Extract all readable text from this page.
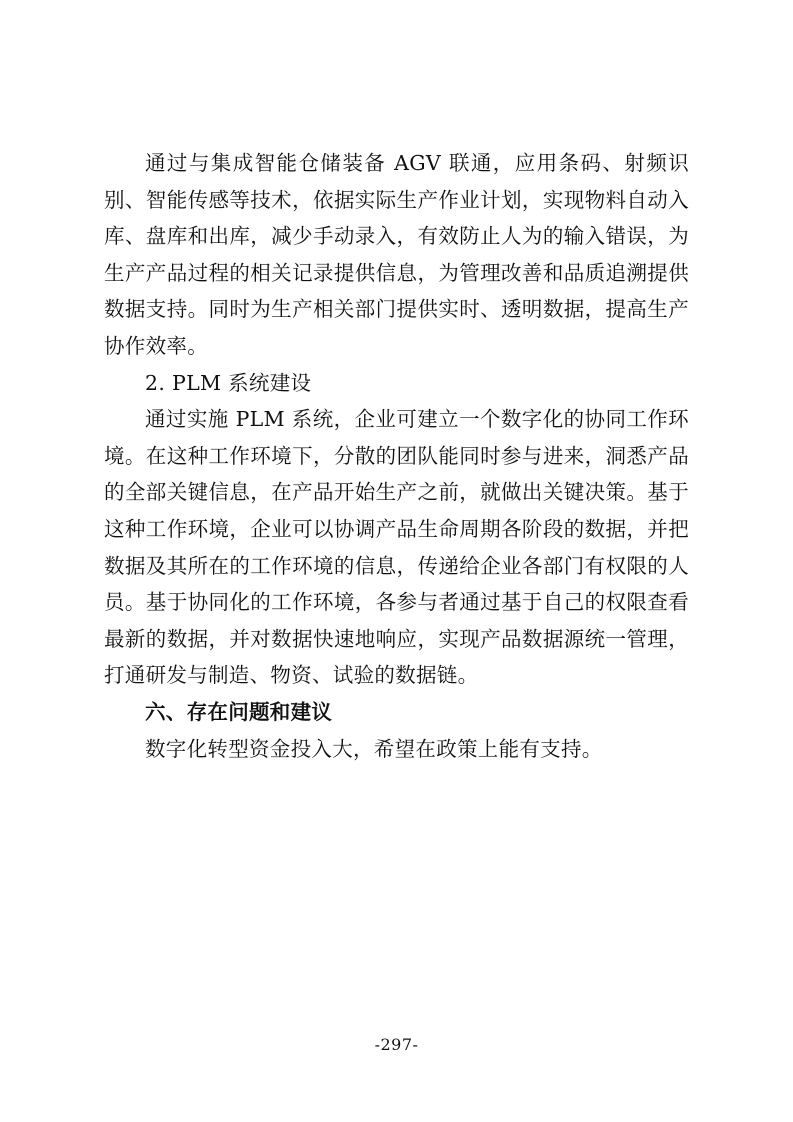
通过与集成智能仓储装备 AGV 联通，应用条码、射频识别、智能传感等技术，依据实际生产作业计划，实现物料自动入库、盘库和出库，减少手动录入，有效防止人为的输入错误，为生产产品过程的相关记录提供信息，为管理改善和品质追溯提供数据支持。同时为生产相关部门提供实时、透明数据，提高生产协作效率。

2. PLM 系统建设

通过实施 PLM 系统，企业可建立一个数字化的协同工作环境。在这种工作环境下，分散的团队能同时参与进来，洞悉产品的全部关键信息，在产品开始生产之前，就做出关键决策。基于这种工作环境，企业可以协调产品生命周期各阶段的数据，并把数据及其所在的工作环境的信息，传递给企业各部门有权限的人员。基于协同化的工作环境，各参与者通过基于自己的权限查看最新的数据，并对数据快速地响应，实现产品数据源统一管理，打通研发与制造、物资、试验的数据链。

六、存在问题和建议

数字化转型资金投入大，希望在政策上能有支持。

-297-
